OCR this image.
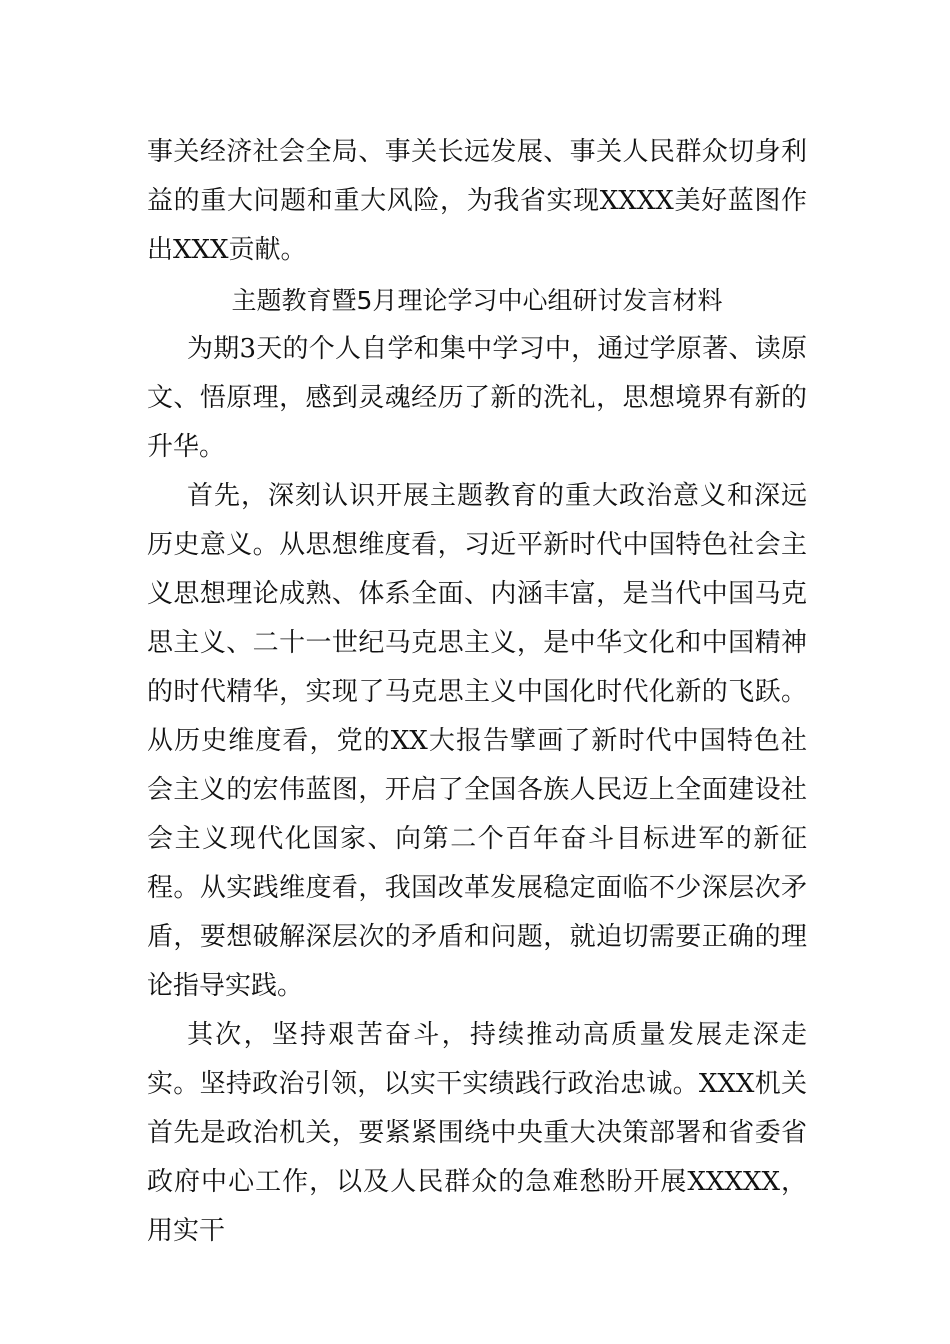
事关经济社会全局、事关长远发展、事关人民群众切身利益的重大问题和重大风险，为我省实现XXXX美好蓝图作出XXX贡献。

主题教育暨5月理论学习中心组研讨发言材料

为期3天的个人自学和集中学习中，通过学原著、读原文、悟原理，感到灵魂经历了新的洗礼，思想境界有新的升华。

首先，深刻认识开展主题教育的重大政治意义和深远历史意义。从思想维度看，习近平新时代中国特色社会主义思想理论成熟、体系全面、内涵丰富，是当代中国马克思主义、二十一世纪马克思主义，是中华文化和中国精神的时代精华，实现了马克思主义中国化时代化新的飞跃。从历史维度看，党的XX大报告擘画了新时代中国特色社会主义的宏伟蓝图，开启了全国各族人民迈上全面建设社会主义现代化国家、向第二个百年奋斗目标进军的新征程。从实践维度看，我国改革发展稳定面临不少深层次矛盾，要想破解深层次的矛盾和问题，就迫切需要正确的理论指导实践。

其次，坚持艰苦奋斗，持续推动高质量发展走深走实。坚持政治引领，以实干实绩践行政治忠诚。XXX机关首先是政治机关，要紧紧围绕中央重大决策部署和省委省政府中心工作，以及人民群众的急难愁盼开展XXXXX，用实干
